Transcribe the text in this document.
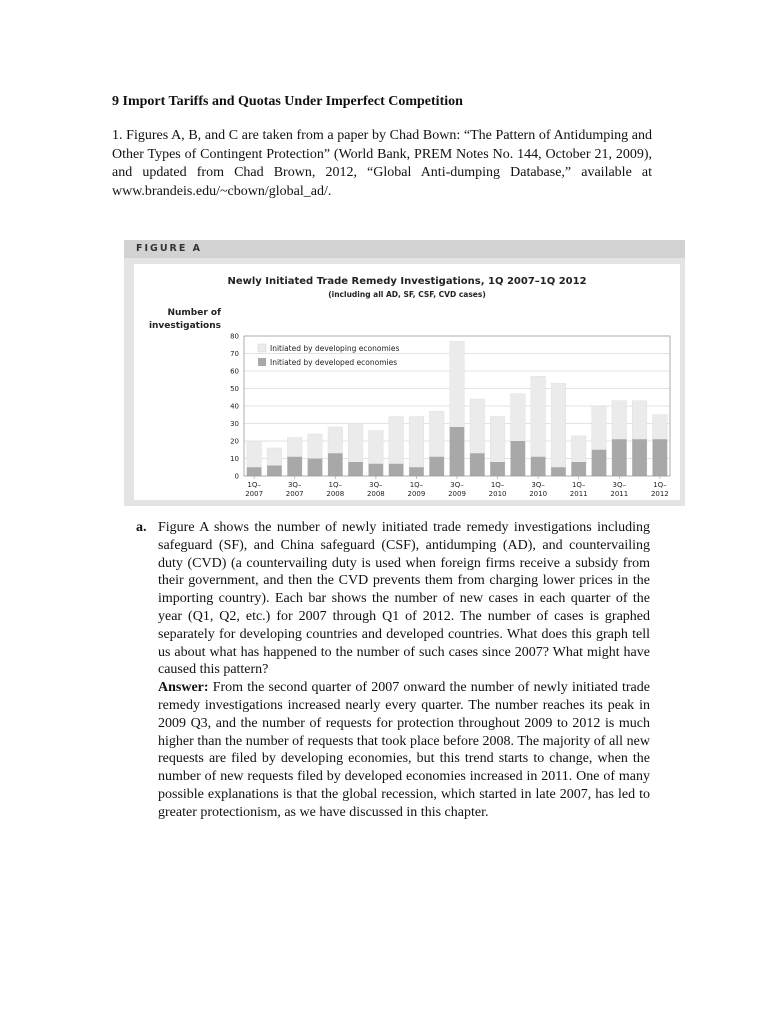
9 Import Tariffs and Quotas Under Imperfect Competition
1. Figures A, B, and C are taken from a paper by Chad Bown: “The Pattern of Antidumping and Other Types of Contingent Protection” (World Bank, PREM Notes No. 144, October 21, 2009), and updated from Chad Brown, 2012, “Global Anti-dumping Database,” available at www.brandeis.edu/~cbown/global_ad/.
FIGURE A
Newly Initiated Trade Remedy Investigations, 1Q 2007–1Q 2012
(including all AD, SF, CSF, CVD cases)
Number of
investigations
0
10
20
30
40
50
60
70
80
1Q–
2007
3Q–
2007
1Q–
2008
3Q–
2008
1Q–
2009
3Q–
2009
1Q–
2010
3Q–
2010
1Q–
2011
3Q–
2011
1Q–
2012
Initiated by developing economies
Initiated by developed economies
a. Figure A shows the number of newly initiated trade remedy investigations including safeguard (SF), and China safeguard (CSF), antidumping (AD), and countervailing duty (CVD) (a countervailing duty is used when foreign firms receive a subsidy from their government, and then the CVD prevents them from charging lower prices in the importing country). Each bar shows the number of new cases in each quarter of the year (Q1, Q2, etc.) for 2007 through Q1 of 2012. The number of cases is graphed separately for developing countries and developed countries. What does this graph tell us about what has happened to the number of such cases since 2007? What might have caused this pattern?

Answer: From the second quarter of 2007 onward the number of newly initiated trade remedy investigations increased nearly every quarter. The number reaches its peak in 2009 Q3, and the number of requests for protection throughout 2009 to 2012 is much higher than the number of requests that took place before 2008. The majority of all new requests are filed by developing economies, but this trend starts to change, when the number of new requests filed by developed economies increased in 2011. One of many possible explanations is that the global recession, which started in late 2007, has led to greater protectionism, as we have discussed in this chapter.
